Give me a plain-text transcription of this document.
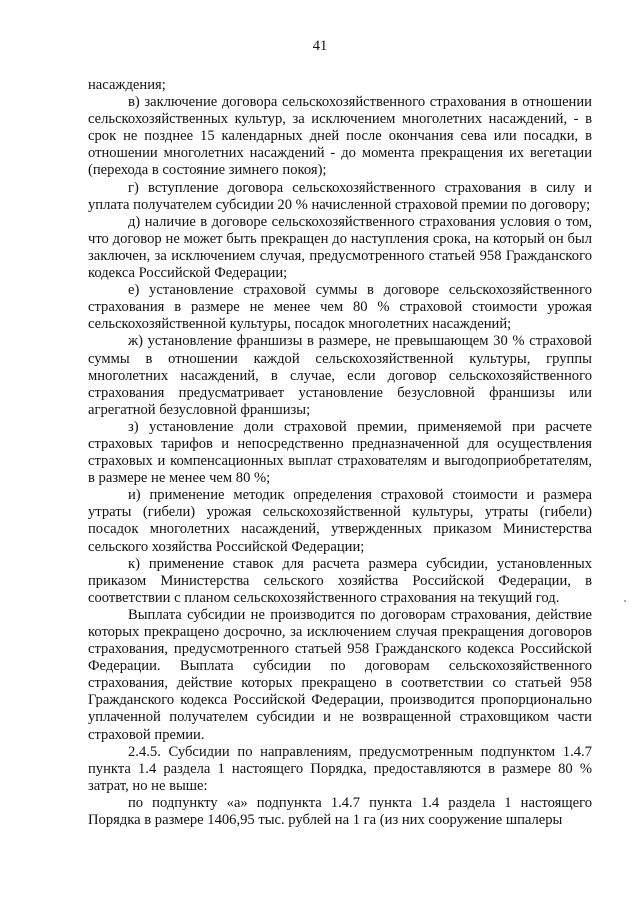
41

насаждения;

в) заключение договора сельскохозяйственного страхования в отношении сельскохозяйственных культур, за исключением многолетних насаждений, - в срок не позднее 15 календарных дней после окончания сева или посадки, в отношении многолетних насаждений - до момента прекращения их вегетации (перехода в состояние зимнего покоя);

г) вступление договора сельскохозяйственного страхования в силу и уплата получателем субсидии 20 % начисленной страховой премии по договору;

д) наличие в договоре сельскохозяйственного страхования условия о том, что договор не может быть прекращен до наступления срока, на который он был заключен, за исключением случая, предусмотренного статьей 958 Гражданского кодекса Российской Федерации;

е) установление страховой суммы в договоре сельскохозяйственного страхования в размере не менее чем 80 % страховой стоимости урожая сельскохозяйственной культуры, посадок многолетних насаждений;

ж) установление франшизы в размере, не превышающем 30 % страховой суммы в отношении каждой сельскохозяйственной культуры, группы многолетних насаждений, в случае, если договор сельскохозяйственного страхования предусматривает установление безусловной франшизы или агрегатной безусловной франшизы;

з) установление доли страховой премии, применяемой при расчете страховых тарифов и непосредственно предназначенной для осуществления страховых и компенсационных выплат страхователям и выгодоприобретателям, в размере не менее чем 80 %;

и) применение методик определения страховой стоимости и размера утраты (гибели) урожая сельскохозяйственной культуры, утраты (гибели) посадок многолетних насаждений, утвержденных приказом Министерства сельского хозяйства Российской Федерации;

к) применение ставок для расчета размера субсидии, установленных приказом Министерства сельского хозяйства Российской Федерации, в соответствии с планом сельскохозяйственного страхования на текущий год.

Выплата субсидии не производится по договорам страхования, действие которых прекращено досрочно, за исключением случая прекращения договоров страхования, предусмотренного статьей 958 Гражданского кодекса Российской Федерации. Выплата субсидии по договорам сельскохозяйственного страхования, действие которых прекращено в соответствии со статьей 958 Гражданского кодекса Российской Федерации, производится пропорционально уплаченной получателем субсидии и не возвращенной страховщиком части страховой премии.

2.4.5. Субсидии по направлениям, предусмотренным подпунктом 1.4.7 пункта 1.4 раздела 1 настоящего Порядка, предоставляются в размере 80 % затрат, но не выше:

по подпункту «а» подпункта 1.4.7 пункта 1.4 раздела 1 настоящего Порядка в размере 1406,95 тыс. рублей на 1 га (из них сооружение шпалеры
